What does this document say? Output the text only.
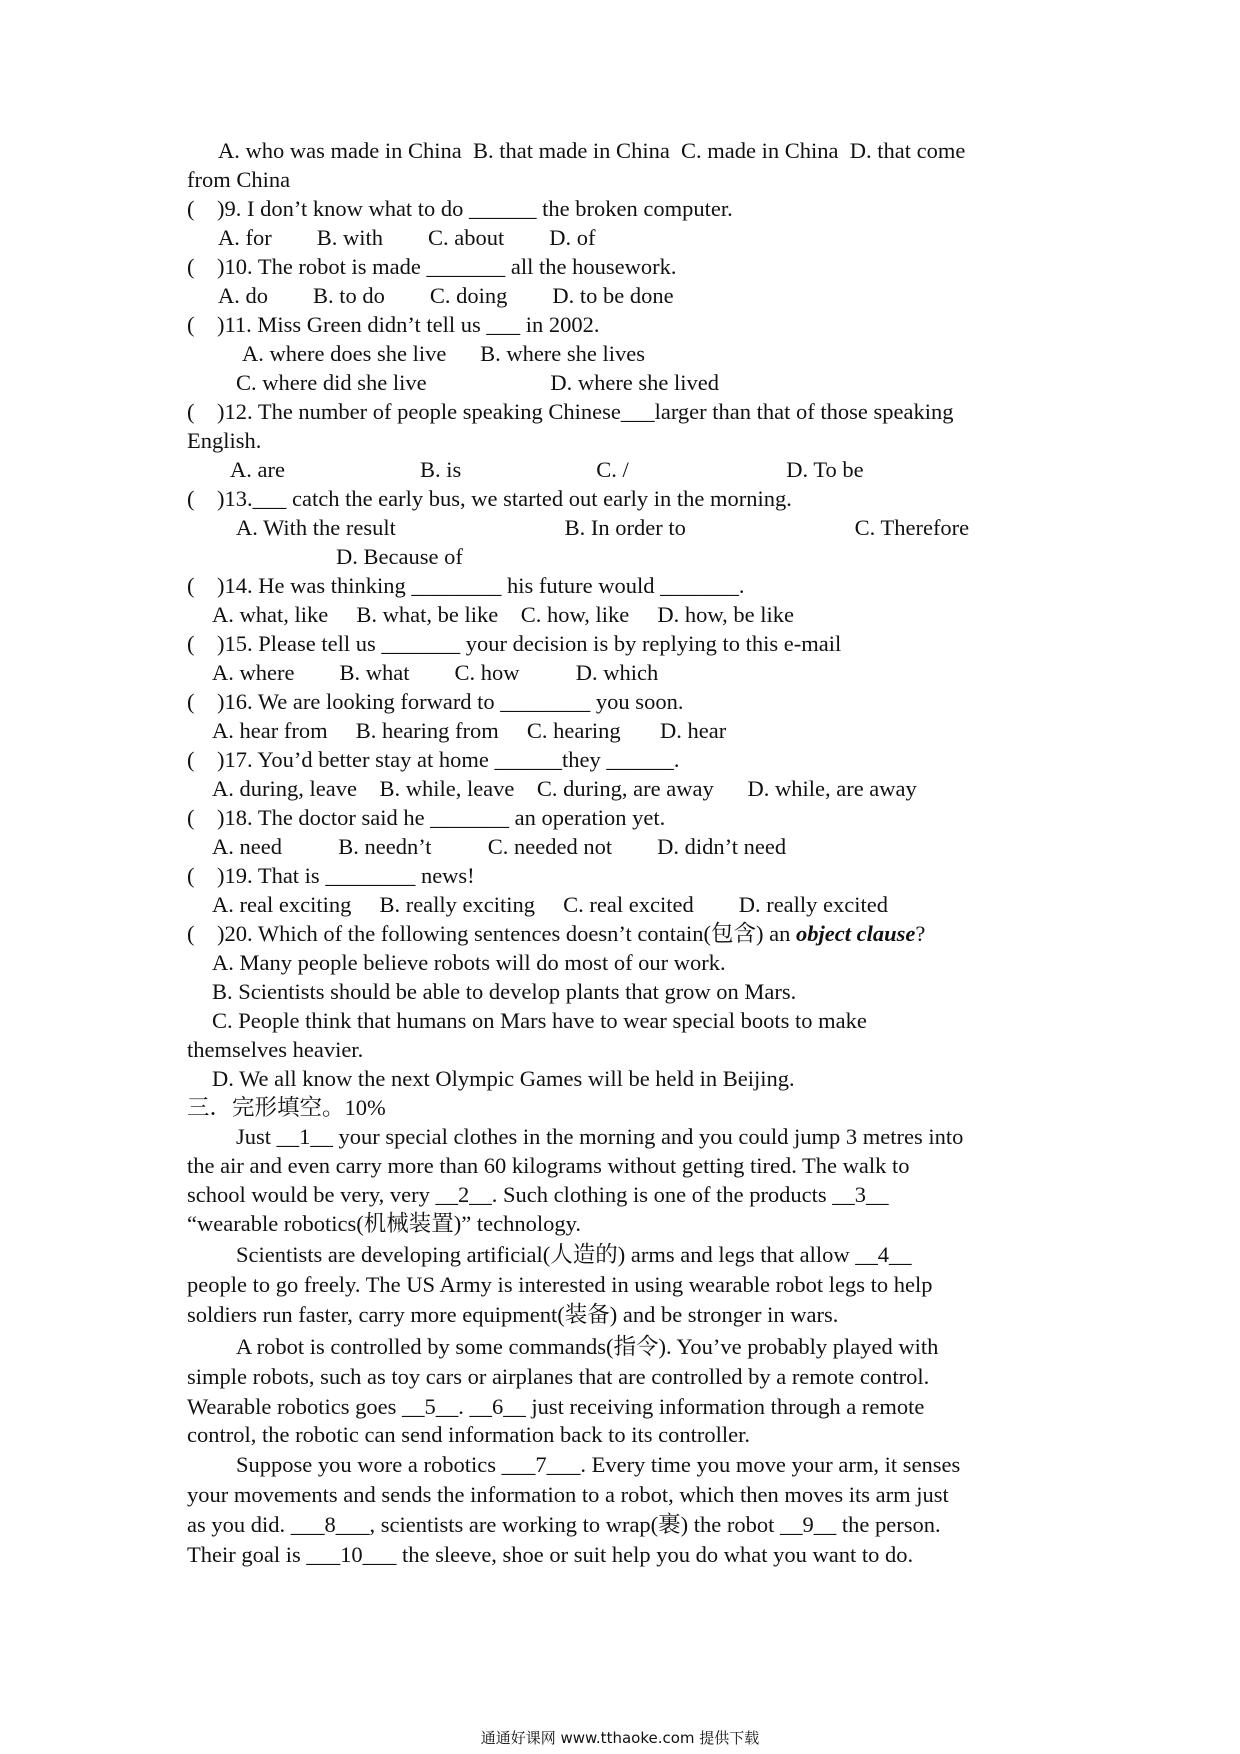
A. who was made in China  B. that made in China  C. made in China  D. that come
from China
(    )9. I don’t know what to do ______ the broken computer.
A. for        B. with        C. about        D. of
(    )10. The robot is made _______ all the housework.
A. do        B. to do        C. doing        D. to be done
(    )11. Miss Green didn’t tell us ___ in 2002.
A. where does she live      B. where she lives
C. where did she live                      D. where she lived
(    )12. The number of people speaking Chinese___larger than that of those speaking
English.
A. are                        B. is                        C. /                            D. To be
(    )13.___ catch the early bus, we started out early in the morning.
A. With the result                              B. In order to                              C. Therefore
D. Because of
(    )14. He was thinking ________ his future would _______.
A. what, like     B. what, be like    C. how, like     D. how, be like
(    )15. Please tell us _______ your decision is by replying to this e-mail
A. where        B. what        C. how          D. which
(    )16. We are looking forward to ________ you soon.
A. hear from     B. hearing from     C. hearing       D. hear
(    )17. You’d better stay at home ______they ______.
A. during, leave    B. while, leave    C. during, are away      D. while, are away
(    )18. The doctor said he _______ an operation yet.
A. need          B. needn’t          C. needed not        D. didn’t need
(    )19. That is ________ news!
A. real exciting     B. really exciting     C. real excited        D. really excited
(    )20. Which of the following sentences doesn’t contain(包含) an object clause?
A. Many people believe robots will do most of our work.
B. Scientists should be able to develop plants that grow on Mars.
C. People think that humans on Mars have to wear special boots to make
themselves heavier.
D. We all know the next Olympic Games will be held in Beijing.
三．完形填空。10%
Just __1__ your special clothes in the morning and you could jump 3 metres into
the air and even carry more than 60 kilograms without getting tired. The walk to
school would be very, very __2__. Such clothing is one of the products __3__
“wearable robotics(机械装置)” technology.
Scientists are developing artificial(人造的) arms and legs that allow __4__
people to go freely. The US Army is interested in using wearable robot legs to help
soldiers run faster, carry more equipment(装备) and be stronger in wars.
A robot is controlled by some commands(指令). You’ve probably played with
simple robots, such as toy cars or airplanes that are controlled by a remote control.
Wearable robotics goes __5__. __6__ just receiving information through a remote
control, the robotic can send information back to its controller.
Suppose you wore a robotics ___7___. Every time you move your arm, it senses
your movements and sends the information to a robot, which then moves its arm just
as you did. ___8___, scientists are working to wrap(裹) the robot __9__ the person.
Their goal is ___10___ the sleeve, shoe or suit help you do what you want to do.
通通好课网 www.tthaoke.com 提供下载
